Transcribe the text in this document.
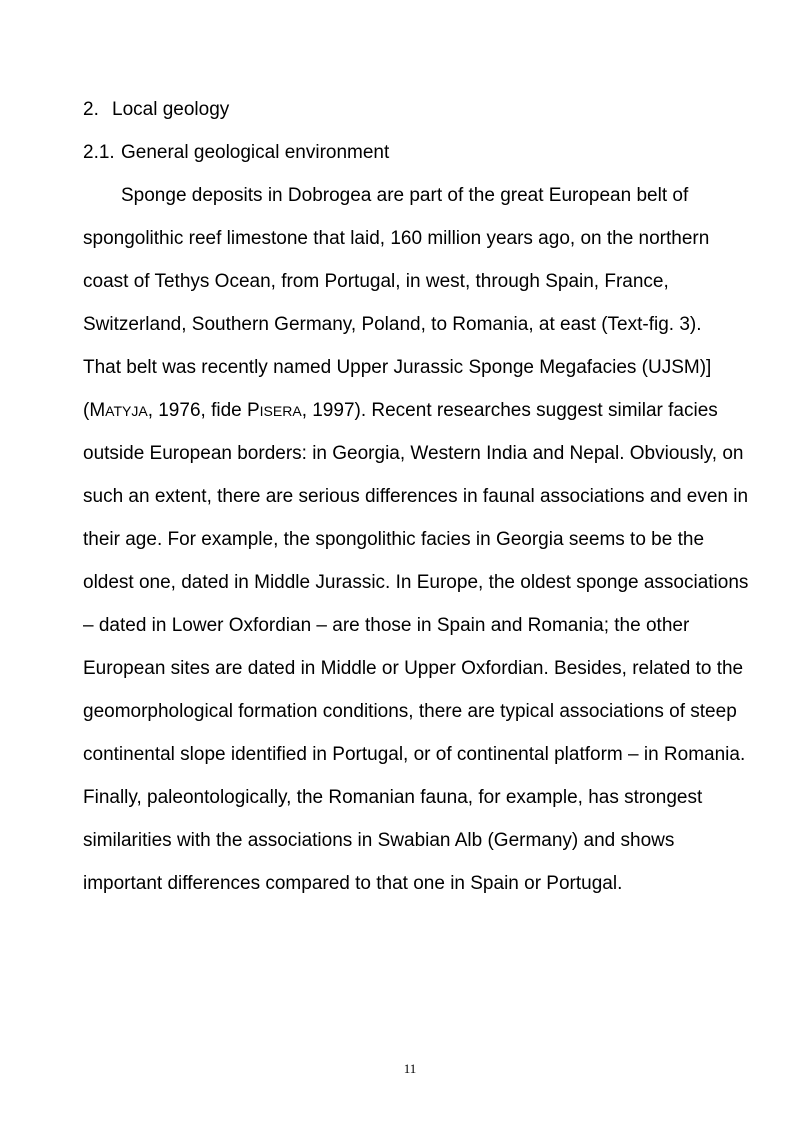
2. Local geology
2.1. General geological environment
Sponge deposits in Dobrogea are part of the great European belt of
spongolithic reef limestone that laid, 160 million years ago, on the northern
coast of Tethys Ocean, from Portugal, in west, through Spain, France,
Switzerland, Southern Germany, Poland, to Romania, at east (Text-fig. 3).
That belt was recently named Upper Jurassic Sponge Megafacies (UJSM)]
(MATYJA, 1976, fide PISERA, 1997). Recent researches suggest similar facies
outside European borders: in Georgia, Western India and Nepal. Obviously, on
such an extent, there are serious differences in faunal associations and even in
their age. For example, the spongolithic facies in Georgia seems to be the
oldest one, dated in Middle Jurassic. In Europe, the oldest sponge associations
– dated in Lower Oxfordian – are those in Spain and Romania; the other
European sites are dated in Middle or Upper Oxfordian. Besides, related to the
geomorphological formation conditions, there are typical associations of steep
continental slope identified in Portugal, or of continental platform – in Romania.
Finally, paleontologically, the Romanian fauna, for example, has strongest
similarities with the associations in Swabian Alb (Germany) and shows
important differences compared to that one in Spain or Portugal.
11
